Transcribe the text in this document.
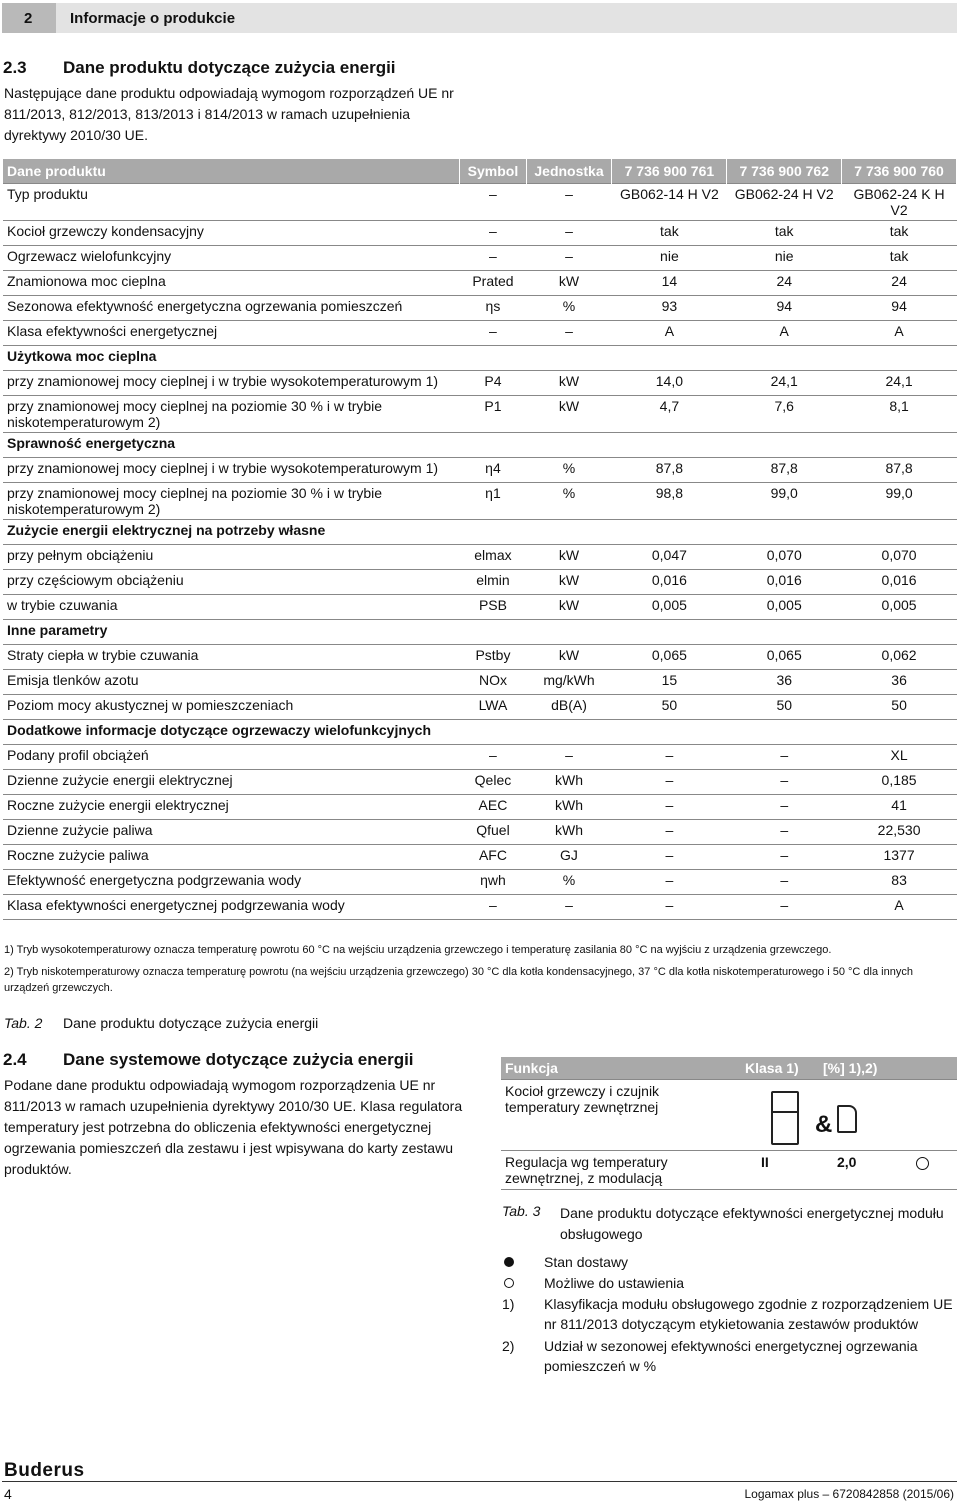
2	Informacje o produkcie
2.3 Dane produktu dotyczące zużycia energii
Następujące dane produktu odpowiadają wymogom rozporządzeń UE nr 811/2013, 812/2013, 813/2013 i 814/2013 w ramach uzupełnienia dyrektywy 2010/30 UE.
Dane produktu	Symbol	Jednostka	7 736 900 761	7 736 900 762	7 736 900 760
Typ produktu	–	–	GB062-14 H V2	GB062-24 H V2	GB062-24 K H V2
Kocioł grzewczy kondensacyjny	–	–	tak	tak	tak
Ogrzewacz wielofunkcyjny	–	–	nie	nie	tak
Znamionowa moc cieplna	Prated	kW	14	24	24
Sezonowa efektywność energetyczna ogrzewania pomieszczeń	ηs	%	93	94	94
Klasa efektywności energetycznej	–	–	A	A	A
Użytkowa moc cieplna					
przy znamionowej mocy cieplnej i w trybie wysokotemperaturowym 1)	P4	kW	14,0	24,1	24,1
przy znamionowej mocy cieplnej na poziomie 30 % i w trybie niskotemperaturowym 2)	P1	kW	4,7	7,6	8,1
Sprawność energetyczna					
przy znamionowej mocy cieplnej i w trybie wysokotemperaturowym 1)	η4	%	87,8	87,8	87,8
przy znamionowej mocy cieplnej na poziomie 30 % i w trybie niskotemperaturowym 2)	η1	%	98,8	99,0	99,0
Zużycie energii elektrycznej na potrzeby własne					
przy pełnym obciążeniu	elmax	kW	0,047	0,070	0,070
przy częściowym obciążeniu	elmin	kW	0,016	0,016	0,016
w trybie czuwania	PSB	kW	0,005	0,005	0,005
Inne parametry					
Straty ciepła w trybie czuwania	Pstby	kW	0,065	0,065	0,062
Emisja tlenków azotu	NOx	mg/kWh	15	36	36
Poziom mocy akustycznej w pomieszczeniach	LWA	dB(A)	50	50	50
Dodatkowe informacje dotyczące ogrzewaczy wielofunkcyjnych					
Podany profil obciążeń	–	–	–	–	XL
Dzienne zużycie energii elektrycznej	Qelec	kWh	–	–	0,185
Roczne zużycie energii elektrycznej	AEC	kWh	–	–	41
Dzienne zużycie paliwa	Qfuel	kWh	–	–	22,530
Roczne zużycie paliwa	AFC	GJ	–	–	1377
Efektywność energetyczna podgrzewania wody	ηwh	%	–	–	83
Klasa efektywności energetycznej podgrzewania wody	–	–	–	–	A
1) Tryb wysokotemperaturowy oznacza temperaturę powrotu 60 °C na wejściu urządzenia grzewczego i temperaturę zasilania 80 °C na wyjściu z urządzenia grzewczego.
2) Tryb niskotemperaturowy oznacza temperaturę powrotu (na wejściu urządzenia grzewczego) 30 °C dla kotła kondensacyjnego, 37 °C dla kotła niskotemperaturowego i 50 °C dla innych urządzeń grzewczych.
Tab. 2 Dane produktu dotyczące zużycia energii
2.4 Dane systemowe dotyczące zużycia energii
Podane dane produktu odpowiadają wymogom rozporządzenia UE nr 811/2013 w ramach uzupełnienia dyrektywy 2010/30 UE. Klasa regulatora temperatury jest potrzebna do obliczenia efektywności energetycznej ogrzewania pomieszczeń dla zestawu i jest wpisywana do karty zestawu produktów.
Funkcja	Klasa 1)	[%] 1),2)
Kocioł grzewczy i czujnik temperatury zewnętrznej	&	

Regulacja wg temperatury zewnętrznej, z modulacją	II	2,0
Tab. 3 Dane produktu dotyczące efektywności energetycznej modułu obsługowego
Stan dostawy
Możliwe do ustawienia
1) Klasyfikacja modułu obsługowego zgodnie z rozporządzeniem UE nr 811/2013 dotyczącym etykietowania zestawów produktów
2) Udział w sezonowej efektywności energetycznej ogrzewania pomieszczeń w %
Buderus
4	Logamax plus – 6720842858 (2015/06)
